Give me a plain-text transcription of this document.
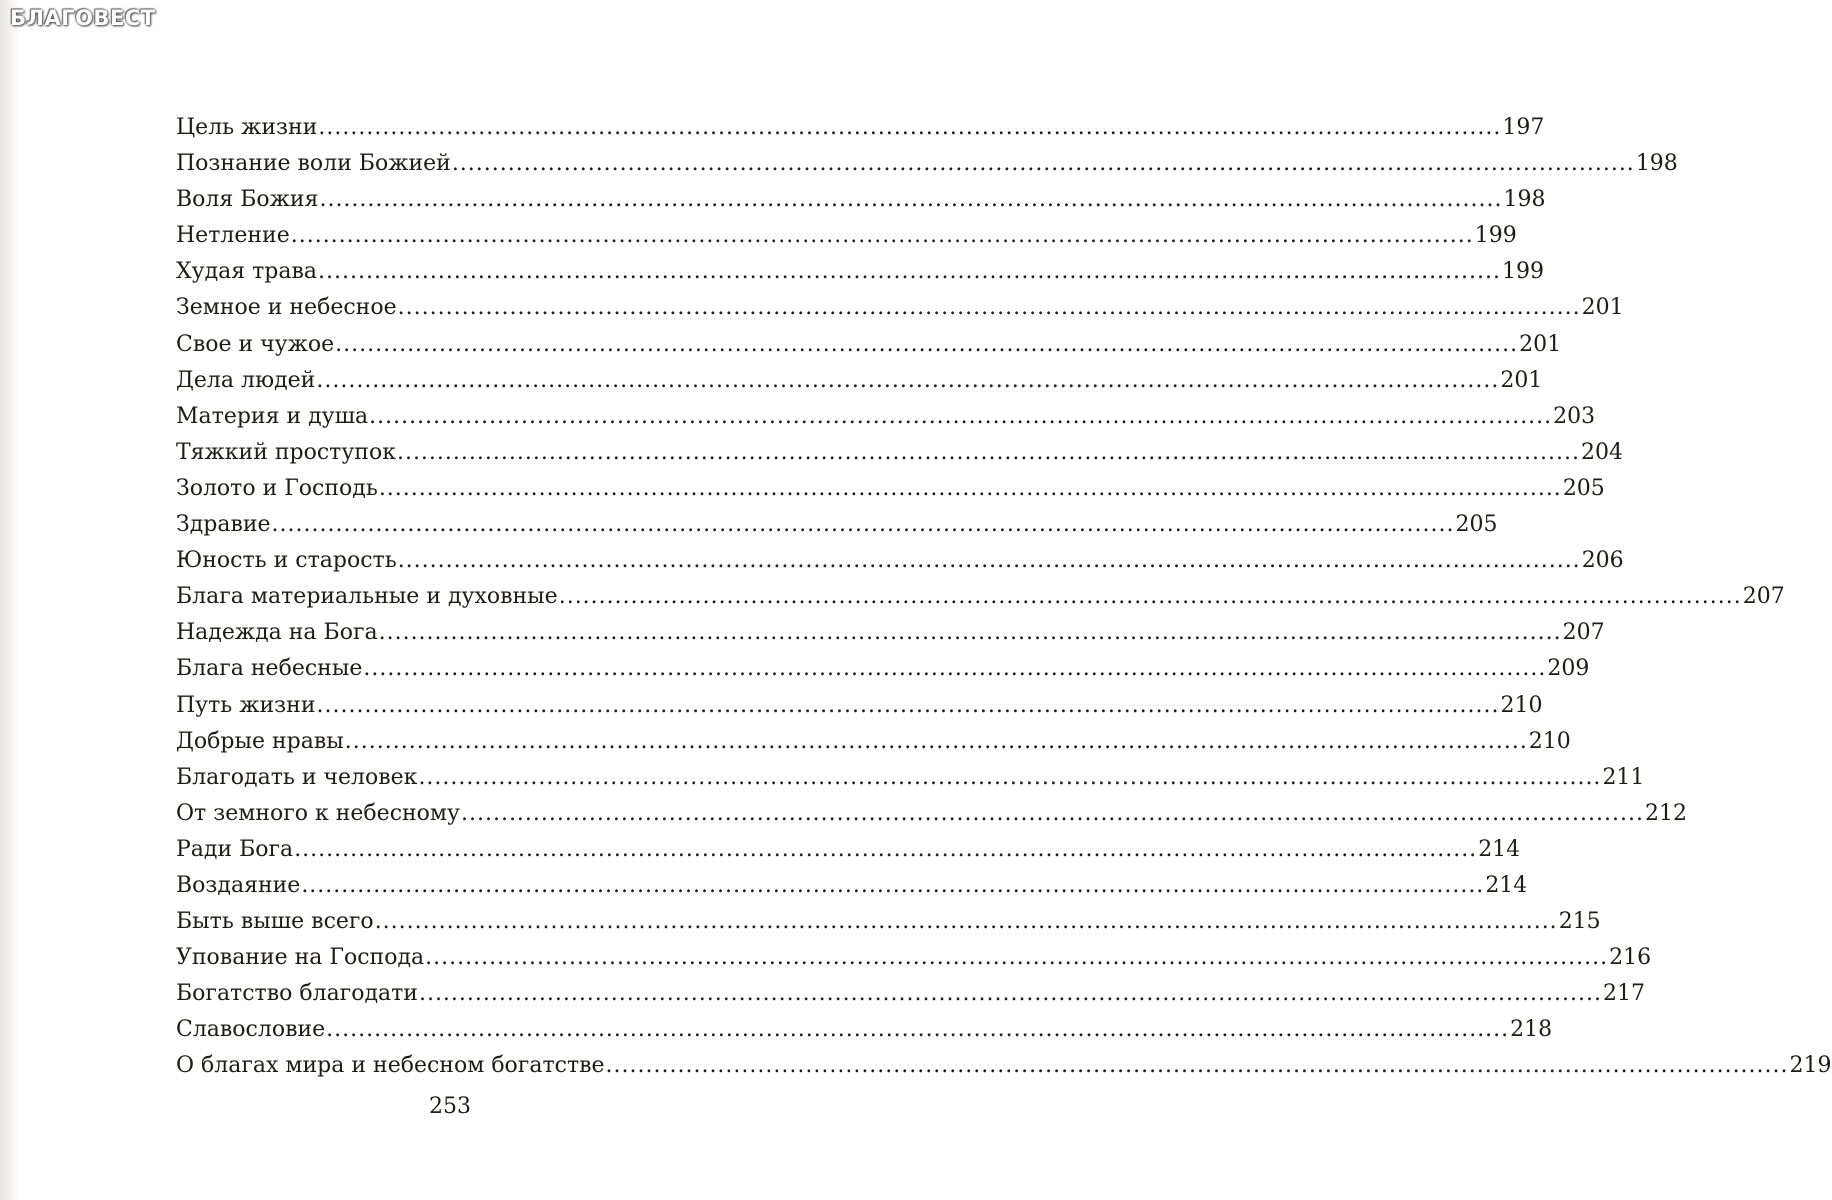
БЛАГОВЕСТ
Цель жизни .................................................................................................................................................... 197
Познание воли Божией .................................................................................................................................................... 198
Воля Божия .................................................................................................................................................... 198
Нетление .................................................................................................................................................... 199
Худая трава .................................................................................................................................................... 199
Земное и небесное .................................................................................................................................................... 201
Свое и чужое .................................................................................................................................................... 201
Дела людей .................................................................................................................................................... 201
Материя и душа .................................................................................................................................................... 203
Тяжкий проступок .................................................................................................................................................... 204
Золото и Господь .................................................................................................................................................... 205
Здравие .................................................................................................................................................... 205
Юность и старость .................................................................................................................................................... 206
Блага материальные и духовные .................................................................................................................................................... 207
Надежда на Бога .................................................................................................................................................... 207
Блага небесные .................................................................................................................................................... 209
Путь жизни .................................................................................................................................................... 210
Добрые нравы .................................................................................................................................................... 210
Благодать и человек .................................................................................................................................................... 211
От земного к небесному .................................................................................................................................................... 212
Ради Бога .................................................................................................................................................... 214
Воздаяние .................................................................................................................................................... 214
Быть выше всего .................................................................................................................................................... 215
Упование на Господа .................................................................................................................................................... 216
Богатство благодати .................................................................................................................................................... 217
Славословие .................................................................................................................................................... 218
О благах мира и небесном богатстве .................................................................................................................................................... 219
253
